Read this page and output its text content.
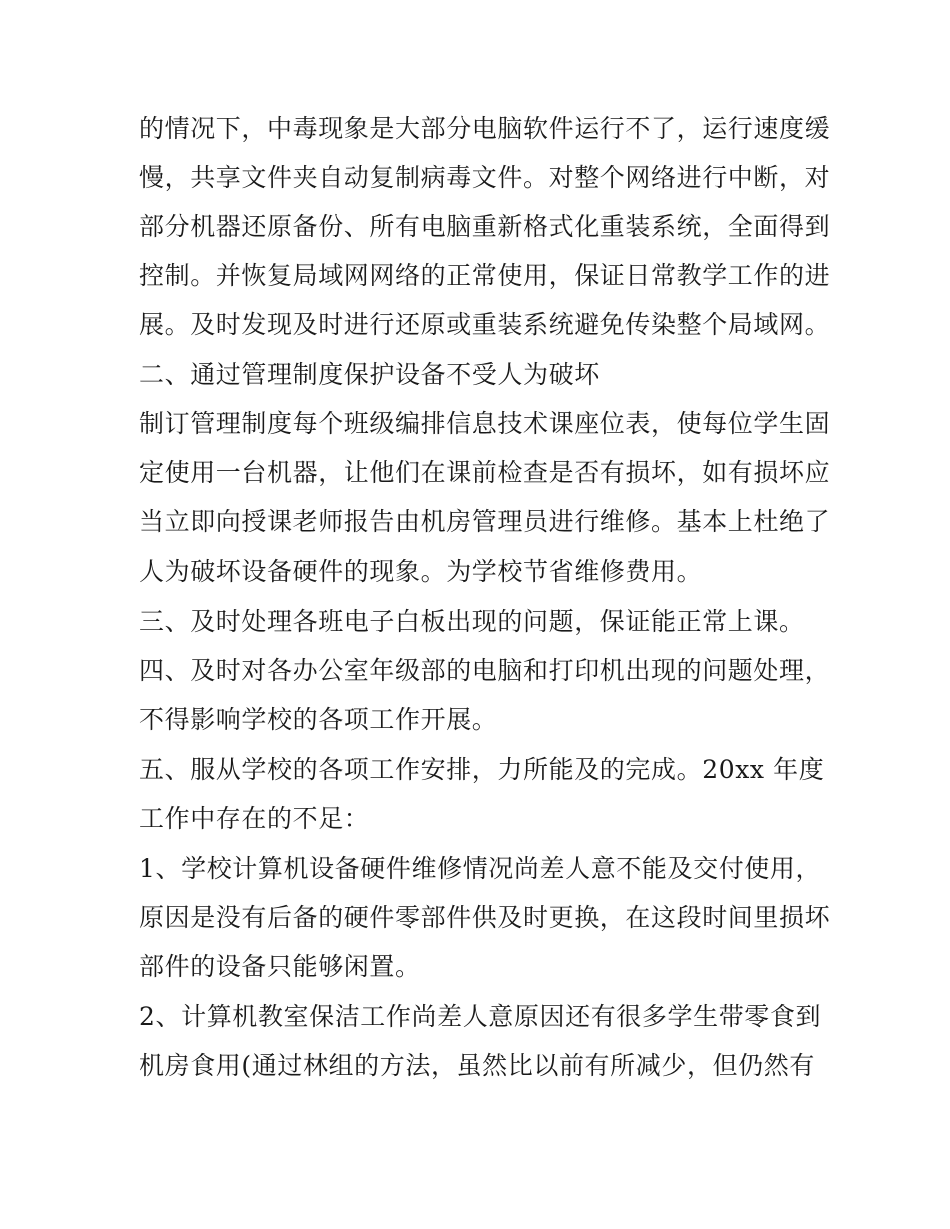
的情况下，中毒现象是大部分电脑软件运行不了，运行速度缓
慢，共享文件夹自动复制病毒文件。对整个网络进行中断，对
部分机器还原备份、所有电脑重新格式化重装系统，全面得到
控制。并恢复局域网网络的正常使用，保证日常教学工作的进
展。及时发现及时进行还原或重装系统避免传染整个局域网。
二、通过管理制度保护设备不受人为破坏
制订管理制度每个班级编排信息技术课座位表，使每位学生固
定使用一台机器，让他们在课前检查是否有损坏，如有损坏应
当立即向授课老师报告由机房管理员进行维修。基本上杜绝了
人为破坏设备硬件的现象。为学校节省维修费用。
三、及时处理各班电子白板出现的问题，保证能正常上课。
四、及时对各办公室年级部的电脑和打印机出现的问题处理，
不得影响学校的各项工作开展。
五、服从学校的各项工作安排，力所能及的完成。20xx 年度
工作中存在的不足：
1、学校计算机设备硬件维修情况尚差人意不能及交付使用，
原因是没有后备的硬件零部件供及时更换，在这段时间里损坏
部件的设备只能够闲置。
2、计算机教室保洁工作尚差人意原因还有很多学生带零食到
机房食用(通过林组的方法，虽然比以前有所减少，但仍然有
